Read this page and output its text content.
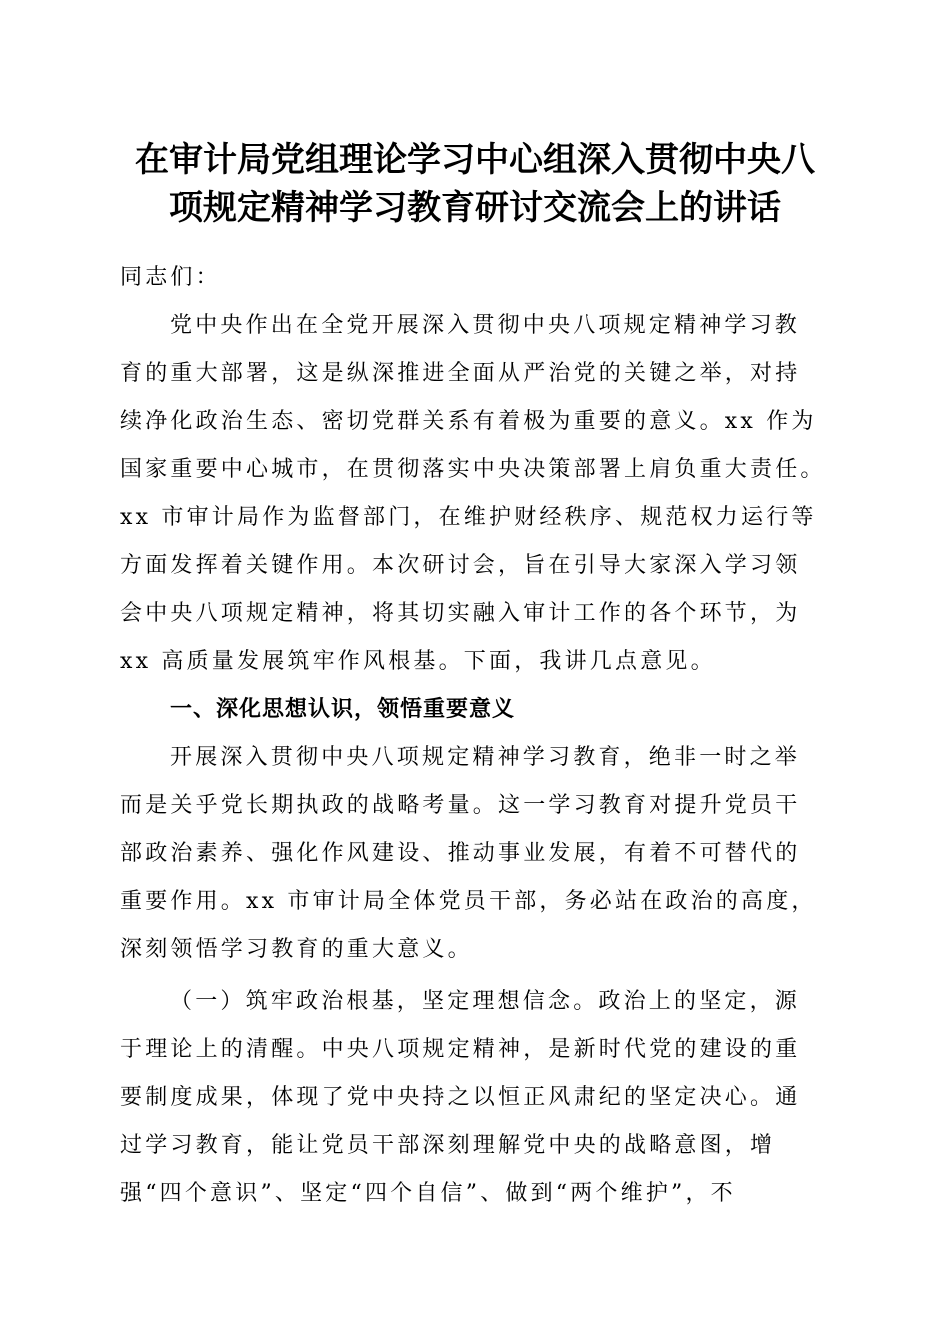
在审计局党组理论学习中心组深入贯彻中央八
项规定精神学习教育研讨交流会上的讲话
同志们：
党中央作出在全党开展深入贯彻中央八项规定精神学习教
育的重大部署，这是纵深推进全面从严治党的关键之举，对持
续净化政治生态、密切党群关系有着极为重要的意义。xx 作为
国家重要中心城市，在贯彻落实中央决策部署上肩负重大责任。
xx 市审计局作为监督部门，在维护财经秩序、规范权力运行等
方面发挥着关键作用。本次研讨会，旨在引导大家深入学习领
会中央八项规定精神，将其切实融入审计工作的各个环节，为
xx 高质量发展筑牢作风根基。下面，我讲几点意见。
一、深化思想认识，领悟重要意义
开展深入贯彻中央八项规定精神学习教育，绝非一时之举
而是关乎党长期执政的战略考量。这一学习教育对提升党员干
部政治素养、强化作风建设、推动事业发展，有着不可替代的
重要作用。xx 市审计局全体党员干部，务必站在政治的高度，
深刻领悟学习教育的重大意义。
（一）筑牢政治根基，坚定理想信念。政治上的坚定，源
于理论上的清醒。中央八项规定精神，是新时代党的建设的重
要制度成果，体现了党中央持之以恒正风肃纪的坚定决心。通
过学习教育，能让党员干部深刻理解党中央的战略意图，增
强“四个意识”、坚定“四个自信”、做到“两个维护”，不
